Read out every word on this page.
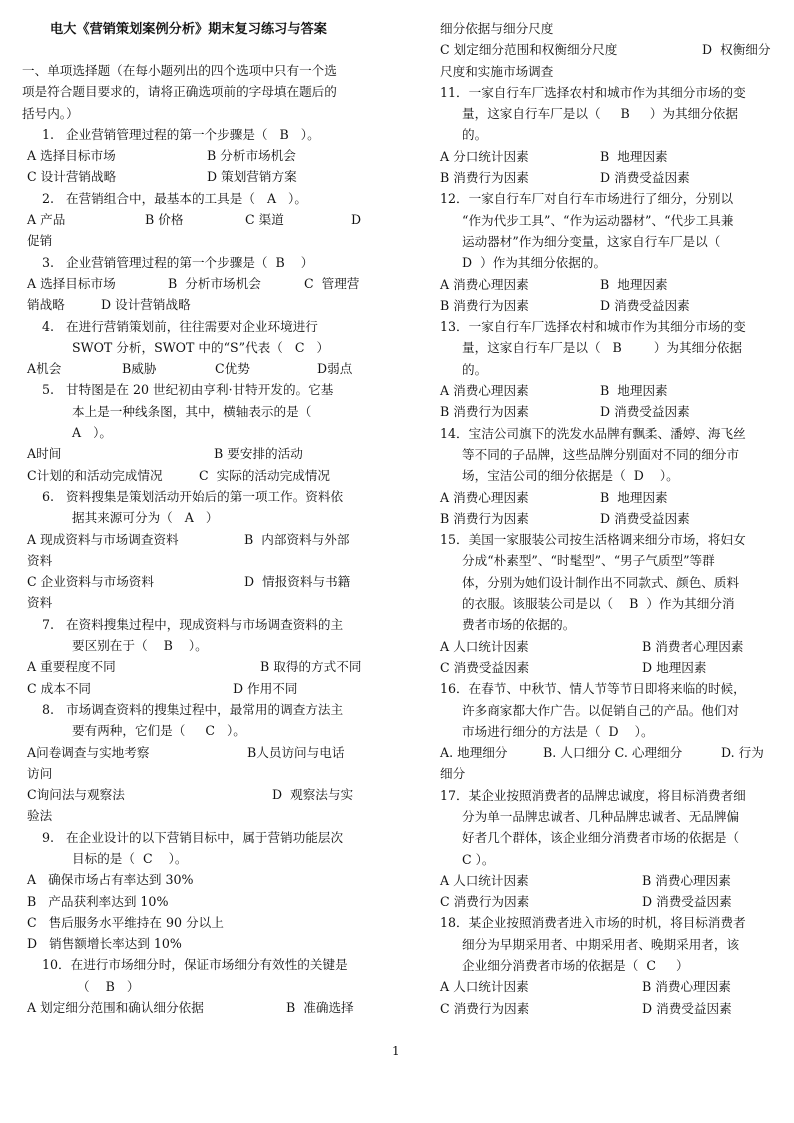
电大《营销策划案例分析》期末复习练习与答案
一、单项选择题（在每小题列出的四个选项中只有一个选
项是符合题目要求的，请将正确选项前的字母填在题后的
括号内。）
1.   企业营销管理过程的第一个步骤是（   B   ）。
A 选择目标市场	B 分析市场机会
C 设计营销战略	D 策划营销方案
2.   在营销组合中，最基本的工具是（   A   ）。
A 产品	B 价格	C 渠道	D
促销
3.   企业营销管理过程的第一个步骤是（  B    ）
A 选择目标市场	B  分析市场机会	C  管理营
销战略	D 设计营销战略
4.   在进行营销策划前，往往需要对企业环境进行
SWOT 分析，SWOT 中的“S”代表（   C   ）
A机会	B威胁	C优势	D弱点
5.   甘特图是在 20 世纪初由亨利·甘特开发的。它基
本上是一种线条图，其中，横轴表示的是（
A   ）。
A时间	B 要安排的活动
C计划的和活动完成情况	C  实际的活动完成情况
6.   资料搜集是策划活动开始后的第一项工作。资料依
据其来源可分为（   A   ）
A 现成资料与市场调查资料	B  内部资料与外部
资料
C 企业资料与市场资料	D  情报资料与书籍
资料
7.   在资料搜集过程中，现成资料与市场调查资料的主
要区别在于（    B    ）。
A 重要程度不同	B 取得的方式不同
C 成本不同	D 作用不同
8.   市场调查资料的搜集过程中，最常用的调查方法主
要有两种，它们是（     C   ）。
A问卷调查与实地考察	B人员访问与电话
访问
C询问法与观察法	D  观察法与实
验法
9.   在企业设计的以下营销目标中，属于营销功能层次
目标的是（  C    ）。
A   确保市场占有率达到 30%
B   产品获利率达到 10%
C   售后服务水平维持在 90 分以上
D   销售额增长率达到 10%
10．在进行市场细分时，保证市场细分有效性的关键是
（    B   ）
A 划定细分范围和确认细分依据	B  准确选择
细分依据与细分尺度
C 划定细分范围和权衡细分尺度	D  权衡细分
尺度和实施市场调查
11．一家自行车厂选择农村和城市作为其细分市场的变
量，这家自行车厂是以（     B     ）为其细分依据
的。
A 分口统计因素	B  地理因素
B 消费行为因素	D 消费受益因素
12．一家自行车厂对自行车市场进行了细分，分别以
“作为代步工具”、“作为运动器材”、“代步工具兼
运动器材”作为细分变量，这家自行车厂是以（
D  ）作为其细分依据的。
A 消费心理因素	B  地理因素
B 消费行为因素	D 消费受益因素
13．一家自行车厂选择农村和城市作为其细分市场的变
量，这家自行车厂是以（   B        ）为其细分依据
的。
A 消费心理因素	B  地理因素
B 消费行为因素	D 消费受益因素
14．宝洁公司旗下的洗发水品牌有飘柔、潘婷、海飞丝
等不同的子品牌，这些品牌分别面对不同的细分市
场，宝洁公司的细分依据是（  D    ）。
A 消费心理因素	B  地理因素
B 消费行为因素	D 消费受益因素
15．美国一家服装公司按生活格调来细分市场，将妇女
分成“朴素型”、“时髦型”、“男子气质型”等群
体，分别为她们设计制作出不同款式、颜色、质料
的衣服。该服装公司是以（    B  ）作为其细分消
费者市场的依据的。
A 人口统计因素	B 消费者心理因素
C 消费受益因素	D 地理因素
16．在春节、中秋节、情人节等节日即将来临的时候，
许多商家都大作广告。以促销自己的产品。他们对
市场进行细分的方法是（  D    ）。
A. 地理细分	B. 人口细分 C. 心理细分	D. 行为
细分
17．某企业按照消费者的品牌忠诚度，将目标消费者细
分为单一品牌忠诚者、几种品牌忠诚者、无品牌偏
好者几个群体，该企业细分消费者市场的依据是（
C ）。
A 人口统计因素	B 消费心理因素
C 消费行为因素	D 消费受益因素
18．某企业按照消费者进入市场的时机，将目标消费者
细分为早期采用者、中期采用者、晚期采用者，该
企业细分消费者市场的依据是（  C     ）
A 人口统计因素	B 消费心理因素
C 消费行为因素	D 消费受益因素
1
